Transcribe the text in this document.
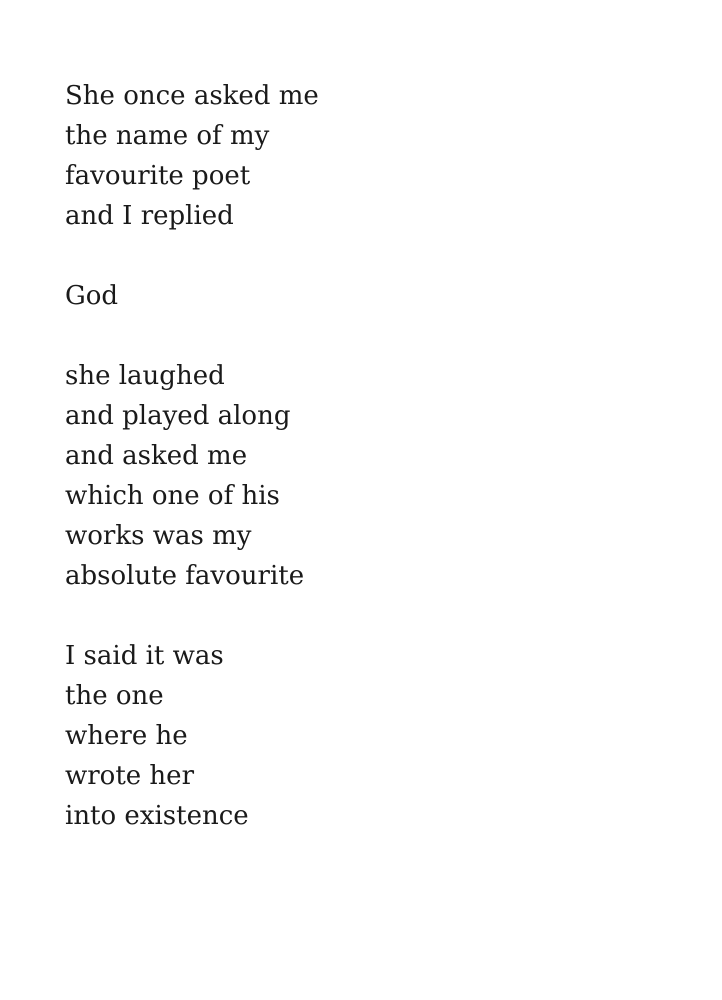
She once asked me
the name of my
favourite poet
and I replied
God
she laughed
and played along
and asked me
which one of his
works was my
absolute favourite
I said it was
the one
where he
wrote her
into existence
